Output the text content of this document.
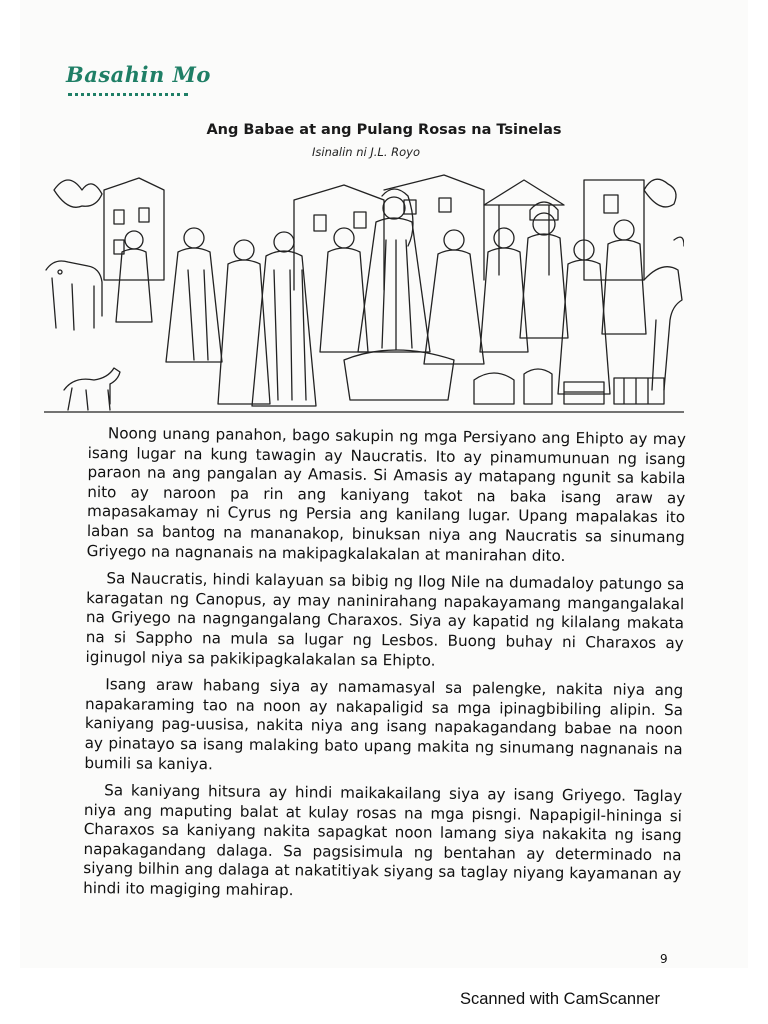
Basahin Mo
Ang Babae at ang Pulang Rosas na Tsinelas
Isinalin ni J.L. Royo

Noong unang panahon, bago sakupin ng mga Persiyano ang Ehipto ay may isang lugar na kung tawagin ay Naucratis. Ito ay pinamumunuan ng isang paraon na ang pangalan ay Amasis. Si Amasis ay matapang ngunit sa kabila nito ay naroon pa rin ang kaniyang takot na baka isang araw ay mapasakamay ni Cyrus ng Persia ang kanilang lugar. Upang mapalakas ito laban sa bantog na mananakop, binuksan niya ang Naucratis sa sinumang Griyego na nagnanais na makipagkalakalan at manirahan dito.

Sa Naucratis, hindi kalayuan sa bibig ng Ilog Nile na dumadaloy patungo sa karagatan ng Canopus, ay may naninirahang napakayamang mangangalakal na Griyego na nagngangalang Charaxos. Siya ay kapatid ng kilalang makata na si Sappho na mula sa lugar ng Lesbos. Buong buhay ni Charaxos ay iginugol niya sa pakikipagkalakalan sa Ehipto.

Isang araw habang siya ay namamasyal sa palengke, nakita niya ang napakaraming tao na noon ay nakapaligid sa mga ipinagbibiling alipin. Sa kaniyang pag-uusisa, nakita niya ang isang napakagandang babae na noon ay pinatayo sa isang malaking bato upang makita ng sinumang nagnanais na bumili sa kaniya.

Sa kaniyang hitsura ay hindi maikakailang siya ay isang Griyego. Taglay niya ang maputing balat at kulay rosas na mga pisngi. Napapigil-hininga si Charaxos sa kaniyang nakita sapagkat noon lamang siya nakakita ng isang napakagandang dalaga. Sa pagsisimula ng bentahan ay determinado na siyang bilhin ang dalaga at nakatitiyak siyang sa taglay niyang kayamanan ay hindi ito magiging mahirap.

9
Scanned with CamScanner
